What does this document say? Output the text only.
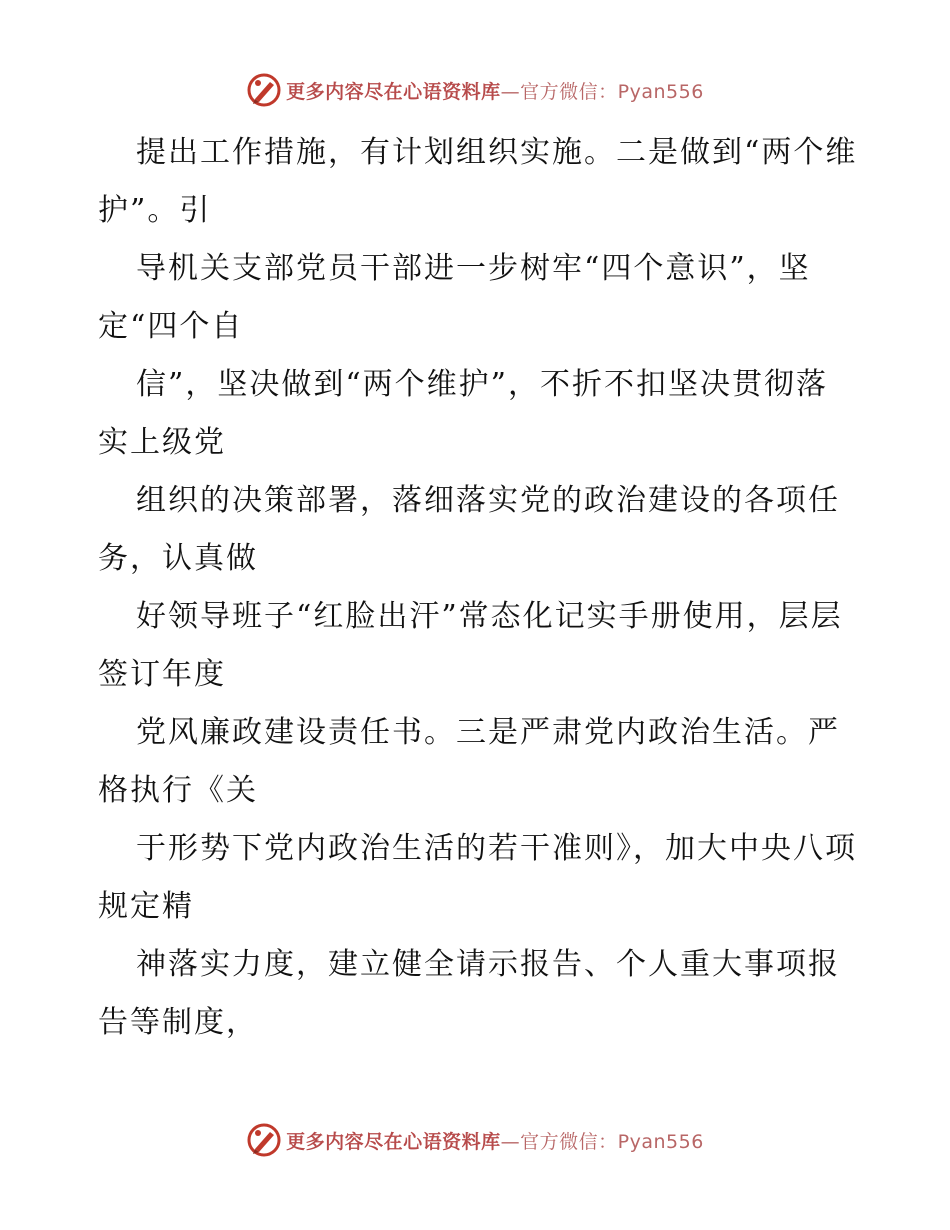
更多内容尽在心语资料库—官方微信：Pyan556

提出工作措施，有计划组织实施。二是做到“两个维护”。引

导机关支部党员干部进一步树牢“四个意识”，坚定“四个自

信”，坚决做到“两个维护”，不折不扣坚决贯彻落实上级党

组织的决策部署，落细落实党的政治建设的各项任务，认真做

好领导班子“红脸出汗”常态化记实手册使用，层层签订年度

党风廉政建设责任书。三是严肃党内政治生活。严格执行《关

于形势下党内政治生活的若干准则》，加大中央八项规定精

神落实力度，建立健全请示报告、个人重大事项报告等制度，

更多内容尽在心语资料库—官方微信：Pyan556
